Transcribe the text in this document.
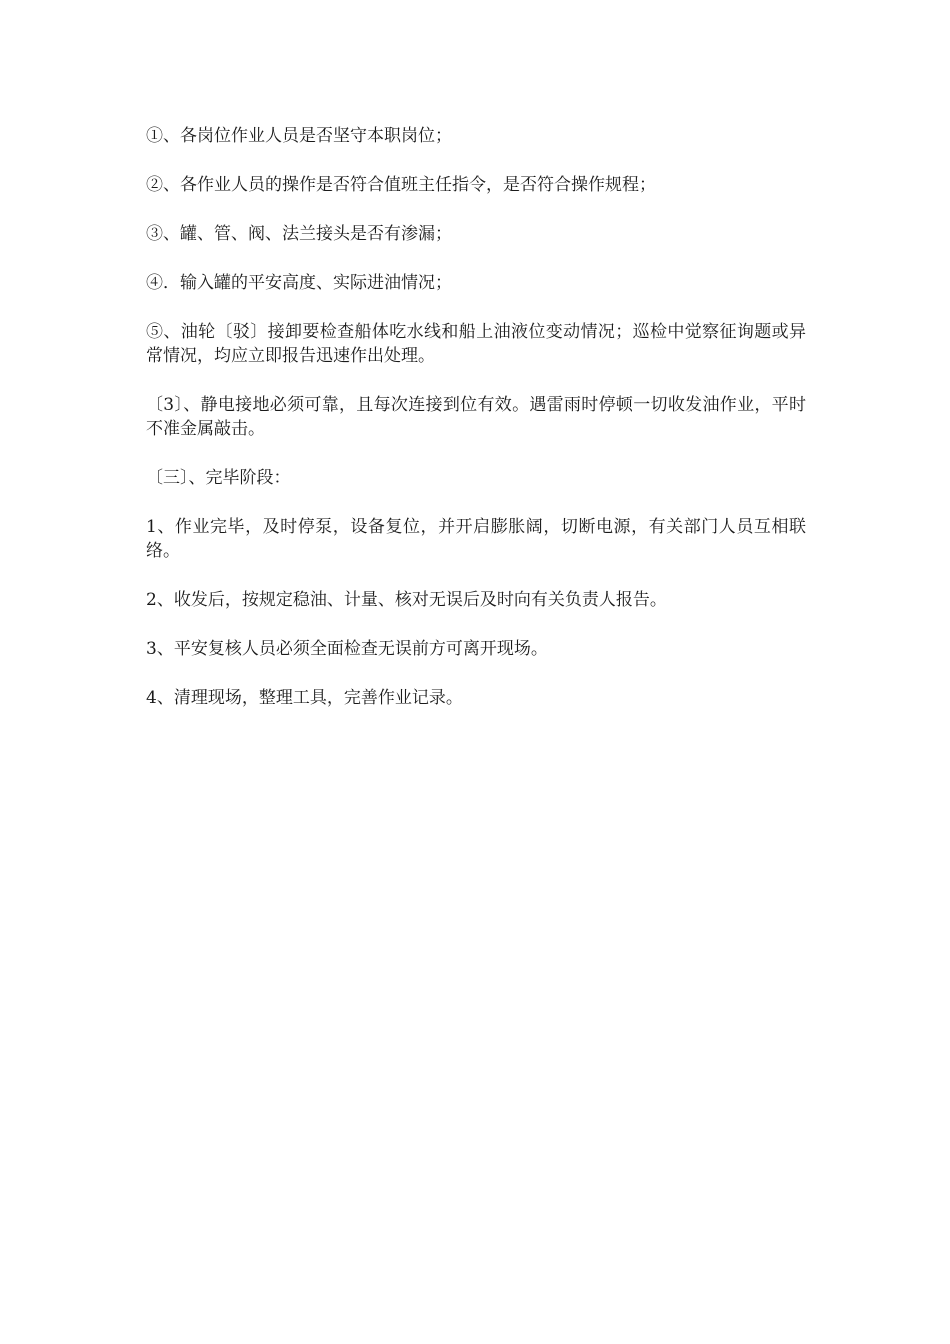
①、各岗位作业人员是否坚守本职岗位；

②、各作业人员的操作是否符合值班主任指令，是否符合操作规程；

③、罐、管、阀、法兰接头是否有渗漏；

④．输入罐的平安高度、实际进油情况；

⑤、油轮〔驳〕接卸要检查船体吃水线和船上油液位变动情况；巡检中觉察征询题或异常情况，均应立即报告迅速作出处理。

〔3〕、静电接地必须可靠，且每次连接到位有效。遇雷雨时停顿一切收发油作业，平时不准金属敲击。

〔三〕、完毕阶段：

1、作业完毕，及时停泵，设备复位，并开启膨胀阔，切断电源，有关部门人员互相联络。

2、收发后，按规定稳油、计量、核对无误后及时向有关负责人报告。

3、平安复核人员必须全面检查无误前方可离开现场。

4、清理现场，整理工具，完善作业记录。
